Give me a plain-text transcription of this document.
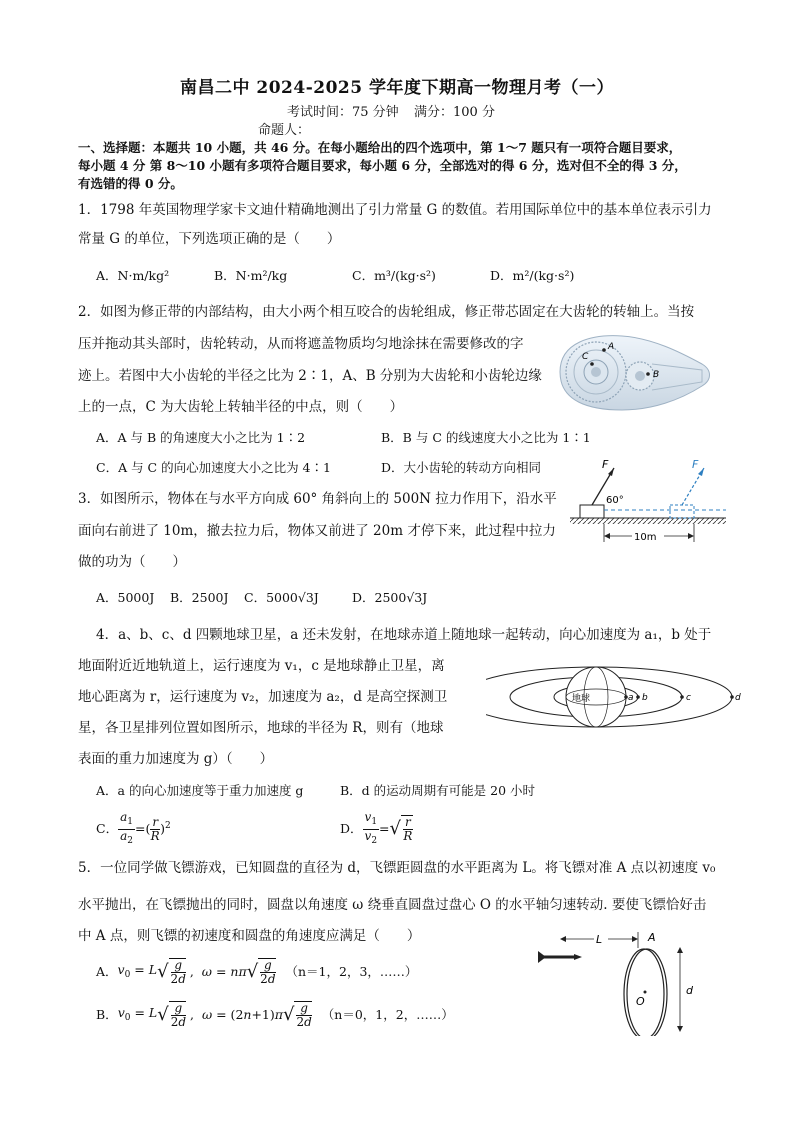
南昌二中 2024-2025 学年度下期高一物理月考（一）
考试时间：75 分钟 满分：100 分
命题人：
一、选择题：本题共 10 小题，共 46 分。在每小题给出的四个选项中，第 1～7 题只有一项符合题目要求，
每小题 4 分 第 8～10 小题有多项符合题目要求，每小题 6 分，全部选对的得 6 分，选对但不全的得 3 分，
有选错的得 0 分。
1．1798 年英国物理学家卡文迪什精确地测出了引力常量 G 的数值。若用国际单位中的基本单位表示引力
常量 G 的单位，下列选项正确的是（　　）
A．N·m/kg²	B．N·m²/kg	C．m³/(kg·s²)	D．m²/(kg·s²)
2．如图为修正带的内部结构，由大小两个相互咬合的齿轮组成，修正带芯固定在大齿轮的转轴上。当按
压并拖动其头部时，齿轮转动，从而将遮盖物质均匀地涂抹在需要修改的字
迹上。若图中大小齿轮的半径之比为 2∶1，A、B 分别为大齿轮和小齿轮边缘
上的一点，C 为大齿轮上转轴半径的中点，则（　　）
A．A 与 B 的角速度大小之比为 1∶2	B．B 与 C 的线速度大小之比为 1∶1
C．A 与 C 的向心加速度大小之比为 4∶1	D．大小齿轮的转动方向相同
A
B
C
3．如图所示，物体在与水平方向成 60° 角斜向上的 500N 拉力作用下，沿水平
面向右前进了 10m，撤去拉力后，物体又前进了 20m 才停下来，此过程中拉力
做的功为（　　）
A．5000J B．2500J C．5000√3J	D．2500√3J
F
60°
F
10m
4．a、b、c、d 四颗地球卫星，a 还未发射，在地球赤道上随地球一起转动，向心加速度为 a₁，b 处于
地面附近近地轨道上，运行速度为 v₁，c 是地球静止卫星，离
地心距离为 r，运行速度为 v₂，加速度为 a₂，d 是高空探测卫
星，各卫星排列位置如图所示，地球的半径为 R，则有（地球
表面的重力加速度为 g）（　　）
A．a 的向心加速度等于重力加速度 g	B．d 的运动周期有可能是 20 小时
C． $\frac{a_1}{a_2}$ =( $\frac{r}{R} )^2$	D． $\frac{v_1}{v_2}$ = √ $\frac{r}{R}$
地球	a b	c	d
5．一位同学做飞镖游戏，已知圆盘的直径为 d，飞镖距圆盘的水平距离为 L。将飞镖对准 A 点以初速度 v₀
水平抛出，在飞镖抛出的同时，圆盘以角速度 ω 绕垂直圆盘过盘心 O 的水平轴匀速转动. 要使飞镖恰好击
中 A 点，则飞镖的初速度和圆盘的角速度应满足（　　）
A． $v_0 = L$ √ $\frac{g}{2d}$ ,  ω = nπ √ $\frac{g}{2d} (n=1$，2，3，……）
B． $v_0 = L$ √ $\frac{g}{2d}$ ,  ω = (2n+1)π √ $\frac{g}{2d} (n=0$，1，2，……）
L	A
O
d
